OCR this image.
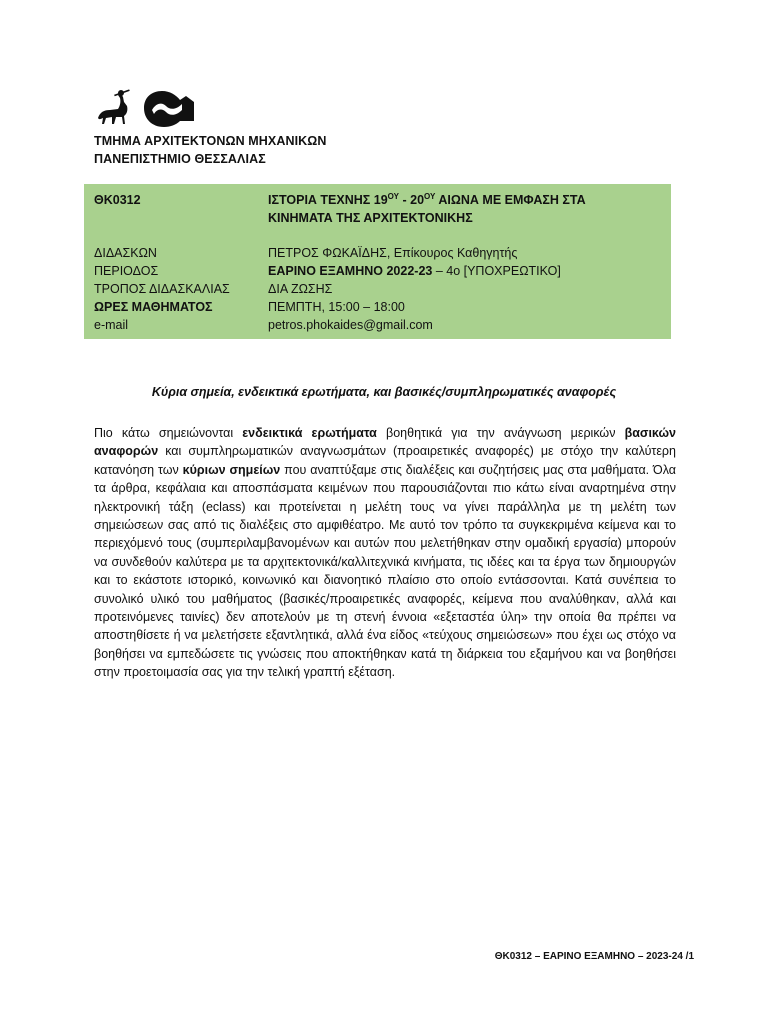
ΤΜΗΜΑ ΑΡΧΙΤΕΚΤΟΝΩΝ ΜΗΧΑΝΙΚΩΝ
ΠΑΝΕΠΙΣΤΗΜΙΟ ΘΕΣΣΑΛΙΑΣ
ΘΚ0312	ΙΣΤΟΡΙΑ ΤΕΧΝΗΣ $19^{O\Upsilon} - 20^{O\Upsilon}$ ΑΙΩΝΑ ΜΕ ΕΜΦΑΣΗ ΣΤΑ ΚΙΝΗΜΑΤΑ ΤΗΣ ΑΡΧΙΤΕΚΤΟΝΙΚΗΣ
ΔΙΔΑΣΚΩΝ	ΠΕΤΡΟΣ ΦΩΚΑΪΔΗΣ, Επίκουρος Καθηγητής
ΠΕΡΙΟΔΟΣ	ΕΑΡΙΝΟ ΕΞΑΜΗΝΟ 2022-23 – 4ο [ΥΠΟΧΡΕΩΤΙΚΟ]
ΤΡΟΠΟΣ ΔΙΔΑΣΚΑΛΙΑΣ	ΔΙΑ ΖΩΣΗΣ
ΩΡΕΣ ΜΑΘΗΜΑΤΟΣ	ΠΕΜΠΤΗ, 15:00 – 18:00
e-mail	petros.phokaides@gmail.com
Κύρια σημεία, ενδεικτικά ερωτήματα, και βασικές/συμπληρωματικές αναφορές

Πιο κάτω σημειώνονται ενδεικτικά ερωτήματα βοηθητικά για την ανάγνωση μερικών βασικών αναφορών και συμπληρωματικών αναγνωσμάτων (προαιρετικές αναφορές) με στόχο την καλύτερη κατανόηση των κύριων σημείων που αναπτύξαμε στις διαλέξεις και συζητήσεις μας στα μαθήματα. Όλα τα άρθρα, κεφάλαια και αποσπάσματα κειμένων που παρουσιάζονται πιο κάτω είναι αναρτημένα στην ηλεκτρονική τάξη (eclass) και προτείνεται η μελέτη τους να γίνει παράλληλα με τη μελέτη των σημειώσεων σας από τις διαλέξεις στο αμφιθέατρο. Με αυτό τον τρόπο τα συγκεκριμένα κείμενα και το περιεχόμενό τους (συμπεριλαμβανομένων και αυτών που μελετήθηκαν στην ομαδική εργασία) μπορούν να συνδεθούν καλύτερα με τα αρχιτεκτονικά/καλλιτεχνικά κινήματα, τις ιδέες και τα έργα των δημιουργών και το εκάστοτε ιστορικό, κοινωνικό και διανοητικό πλαίσιο στο οποίο εντάσσονται. Κατά συνέπεια το συνολικό υλικό του μαθήματος (βασικές/προαιρετικές αναφορές, κείμενα που αναλύθηκαν, αλλά και προτεινόμενες ταινίες) δεν αποτελούν με τη στενή έννοια «εξεταστέα ύλη» την οποία θα πρέπει να αποστηθίσετε ή να μελετήσετε εξαντλητικά, αλλά ένα είδος «τεύχους σημειώσεων» που έχει ως στόχο να βοηθήσει να εμπεδώσετε τις γνώσεις που αποκτήθηκαν κατά τη διάρκεια του εξαμήνου και να βοηθήσει στην προετοιμασία σας για την τελική γραπτή εξέταση.

ΘΚ0312 – ΕΑΡΙΝΟ ΕΞΑΜΗΝΟ – 2023-24 /1
